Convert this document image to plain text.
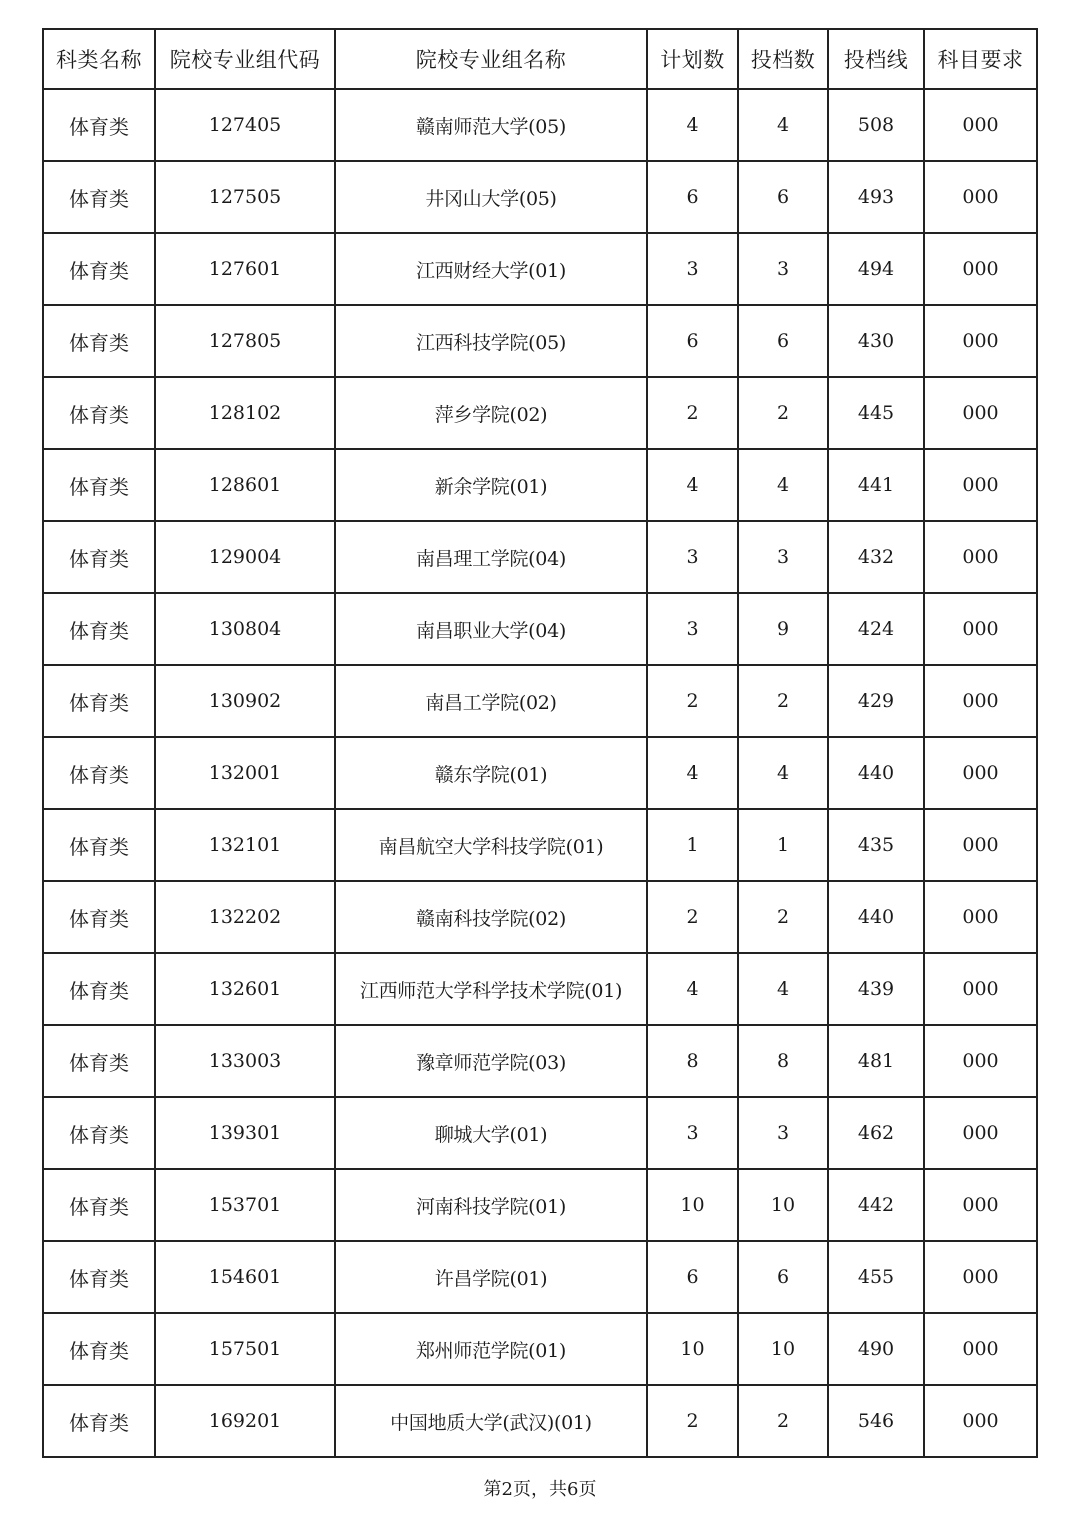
科类名称	院校专业组代码	院校专业组名称	计划数	投档数	投档线	科目要求
体育类	127405	赣南师范大学(05)	4	4	508	000
体育类	127505	井冈山大学(05)	6	6	493	000
体育类	127601	江西财经大学(01)	3	3	494	000
体育类	127805	江西科技学院(05)	6	6	430	000
体育类	128102	萍乡学院(02)	2	2	445	000
体育类	128601	新余学院(01)	4	4	441	000
体育类	129004	南昌理工学院(04)	3	3	432	000
体育类	130804	南昌职业大学(04)	3	9	424	000
体育类	130902	南昌工学院(02)	2	2	429	000
体育类	132001	赣东学院(01)	4	4	440	000
体育类	132101	南昌航空大学科技学院(01)	1	1	435	000
体育类	132202	赣南科技学院(02)	2	2	440	000
体育类	132601	江西师范大学科学技术学院(01)	4	4	439	000
体育类	133003	豫章师范学院(03)	8	8	481	000
体育类	139301	聊城大学(01)	3	3	462	000
体育类	153701	河南科技学院(01)	10	10	442	000
体育类	154601	许昌学院(01)	6	6	455	000
体育类	157501	郑州师范学院(01)	10	10	490	000
体育类	169201	中国地质大学(武汉)(01)	2	2	546	000
第2页，共6页
